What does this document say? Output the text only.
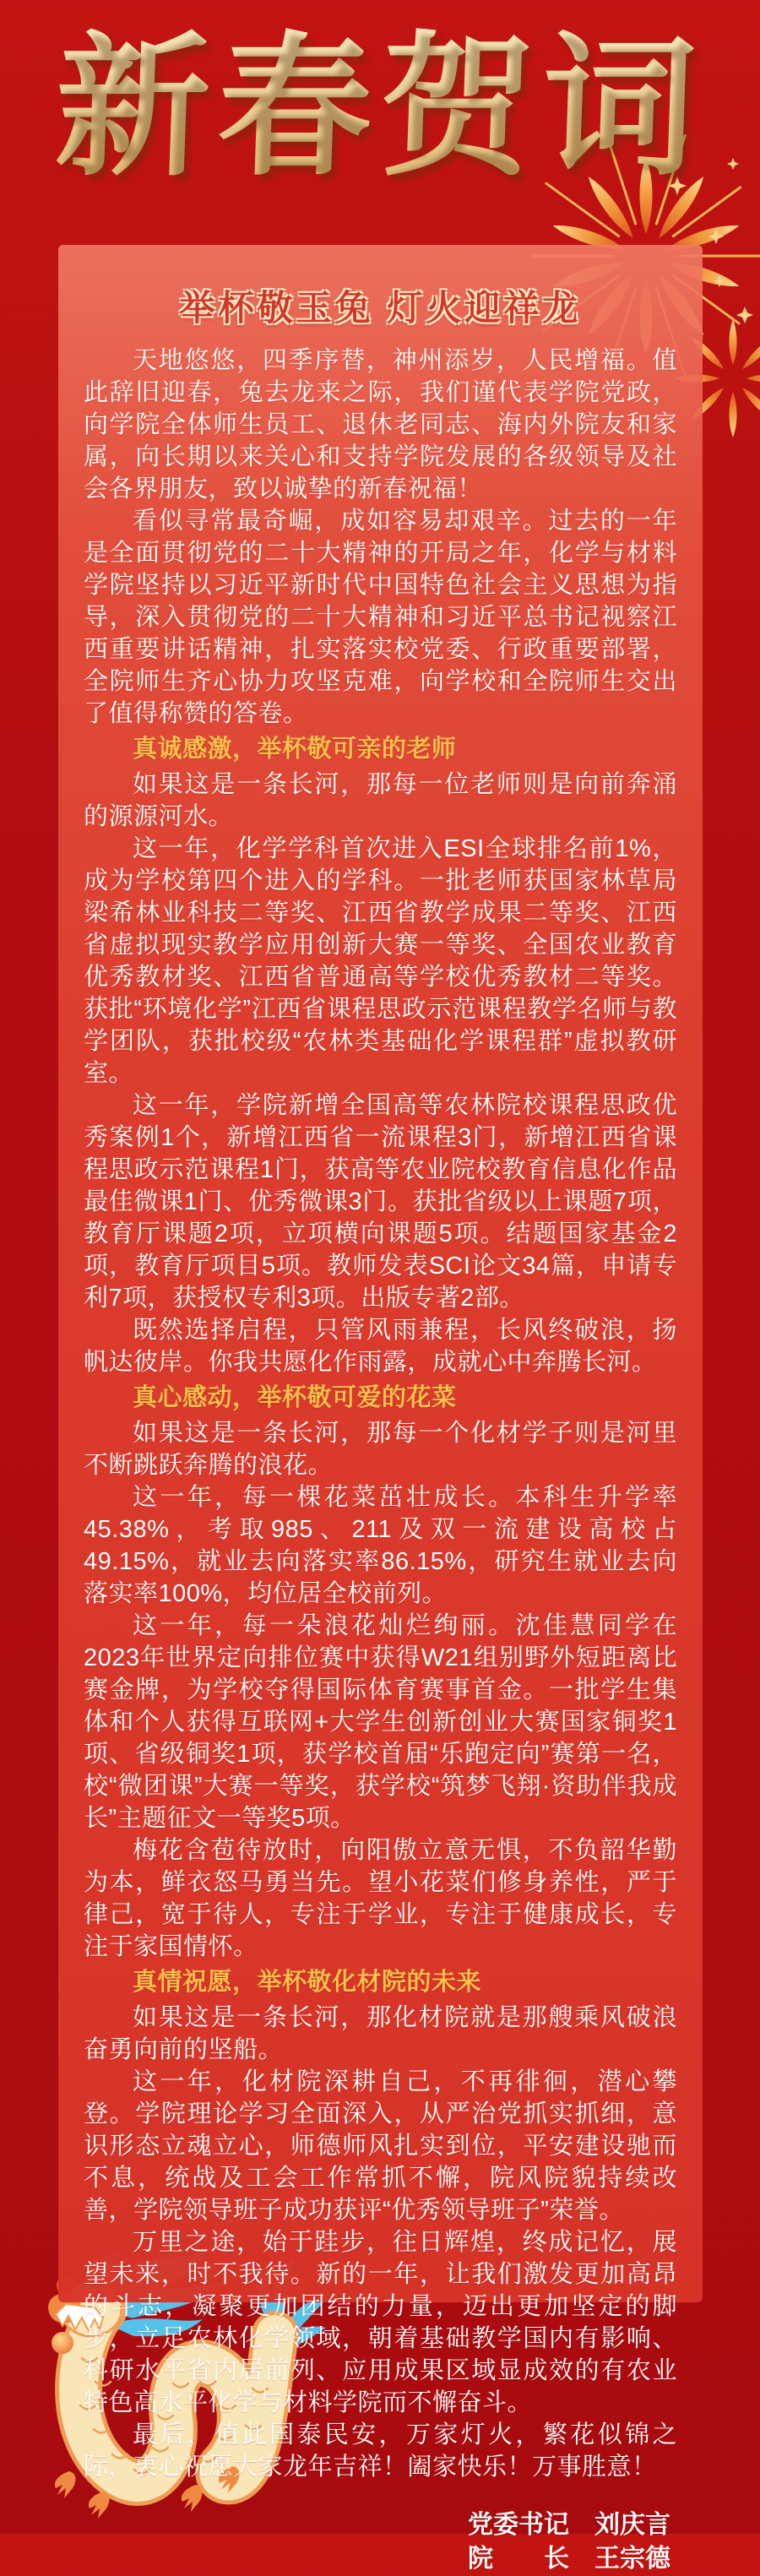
新春贺词
举杯敬玉兔 灯火迎祥龙

天地悠悠，四季序替，神州添岁，人民增福。值此辞旧迎春，兔去龙来之际，我们谨代表学院党政，向学院全体师生员工、退休老同志、海内外院友和家属，向长期以来关心和支持学院发展的各级领导及社会各界朋友，致以诚挚的新春祝福！

看似寻常最奇崛，成如容易却艰辛。过去的一年是全面贯彻党的二十大精神的开局之年，化学与材料学院坚持以习近平新时代中国特色社会主义思想为指导，深入贯彻党的二十大精神和习近平总书记视察江西重要讲话精神，扎实落实校党委、行政重要部署，全院师生齐心协力攻坚克难，向学校和全院师生交出了值得称赞的答卷。

真诚感激，举杯敬可亲的老师

如果这是一条长河，那每一位老师则是向前奔涌的源源河水。

这一年，化学学科首次进入ESI全球排名前1%，成为学校第四个进入的学科。一批老师获国家林草局梁希林业科技二等奖、江西省教学成果二等奖、江西省虚拟现实教学应用创新大赛一等奖、全国农业教育优秀教材奖、江西省普通高等学校优秀教材二等奖。获批“环境化学”江西省课程思政示范课程教学名师与教学团队，获批校级“农林类基础化学课程群”虚拟教研室。

这一年，学院新增全国高等农林院校课程思政优秀案例1个，新增江西省一流课程3门，新增江西省课程思政示范课程1门，获高等农业院校教育信息化作品最佳微课1门、优秀微课3门。获批省级以上课题7项，教育厅课题2项，立项横向课题5项。结题国家基金2项，教育厅项目5项。教师发表SCI论文34篇，申请专利7项，获授权专利3项。出版专著2部。

既然选择启程，只管风雨兼程，长风终破浪，扬帆达彼岸。你我共愿化作雨露，成就心中奔腾长河。

真心感动，举杯敬可爱的花菜

如果这是一条长河，那每一个化材学子则是河里不断跳跃奔腾的浪花。

这一年，每一棵花菜茁壮成长。本科生升学率45.38%，考取985、211及双一流建设高校占49.15%，就业去向落实率86.15%，研究生就业去向落实率100%，均位居全校前列。

这一年，每一朵浪花灿烂绚丽。沈佳慧同学在2023年世界定向排位赛中获得W21组别野外短距离比赛金牌，为学校夺得国际体育赛事首金。一批学生集体和个人获得互联网+大学生创新创业大赛国家铜奖1项、省级铜奖1项，获学校首届“乐跑定向”赛第一名，校“微团课”大赛一等奖，获学校“筑梦飞翔·资助伴我成长”主题征文一等奖5项。

梅花含苞待放时，向阳傲立意无惧，不负韶华勤为本，鲜衣怒马勇当先。望小花菜们修身养性，严于律己，宽于待人，专注于学业，专注于健康成长，专注于家国情怀。

真情祝愿，举杯敬化材院的未来

如果这是一条长河，那化材院就是那艘乘风破浪奋勇向前的坚船。

这一年，化材院深耕自己，不再徘徊，潜心攀登。学院理论学习全面深入，从严治党抓实抓细，意识形态立魂立心，师德师风扎实到位，平安建设驰而不息，统战及工会工作常抓不懈，院风院貌持续改善，学院领导班子成功获评“优秀领导班子”荣誉。

万里之途，始于跬步，往日辉煌，终成记忆，展望未来，时不我待。新的一年，让我们激发更加高昂的斗志，凝聚更加团结的力量，迈出更加坚定的脚步，立足农林化学领域，朝着基础教学国内有影响、科研水平省内居前列、应用成果区域显成效的有农业特色高水平化学与材料学院而不懈奋斗。

最后，值此国泰民安，万家灯火，繁花似锦之际，衷心祝愿大家龙年吉祥！阖家快乐！万事胜意！

党委书记　刘庆言
院　　长　王宗德
